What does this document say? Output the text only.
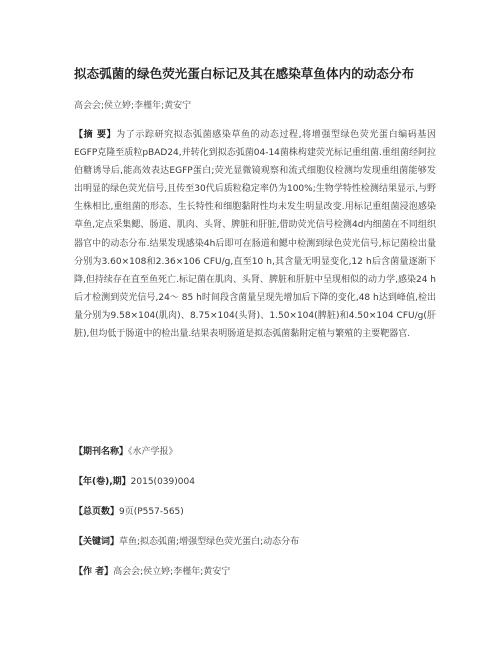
拟态弧菌的绿色荧光蛋白标记及其在感染草鱼体内的动态分布
高会会;侯立婷;李槿年;黄安宁
【摘 要】为了示踪研究拟态弧菌感染草鱼的动态过程,将增强型绿色荧光蛋白编码基因EGFP克隆至质粒pBAD24,并转化到拟态弧菌04-14菌株构建荧光标记重组菌.重组菌经阿拉伯糖诱导后,能高效表达EGFP蛋白;荧光显微镜观察和流式细胞仪检测均发现重组菌能够发出明显的绿色荧光信号,且传至30代后质粒稳定率仍为100%;生物学特性检测结果显示,与野生株相比,重组菌的形态、生长特性和细胞黏附性均未发生明显改变.用标记重组菌浸泡感染草鱼,定点采集鳃、肠道、肌肉、头肾、脾脏和肝脏,借助荧光信号检测4d内细菌在不同组织器官中的动态分布.结果发现感染4h后即可在肠道和鳃中检测到绿色荧光信号,标记菌检出量分别为3.60×108和2.36×106 CFU/g,直至10 h,其含量无明显变化,12 h后含菌量逐渐下降,但持续存在直至鱼死亡.标记菌在肌肉、头肾、脾脏和肝脏中呈现相似的动力学,感染24 h后才检测到荧光信号,24～ 85 h时间段含菌量呈现先增加后下降的变化,48 h达到峰值,检出量分别为9.58×104(肌肉)、8.75×104(头肾)、1.50×104(脾脏)和4.50×104 CFU/g(肝脏),但均低于肠道中的检出量.结果表明肠道是拟态弧菌黏附定植与繁殖的主要靶器官.
【期刊名称】《水产学报》
【年(卷),期】2015(039)004
【总页数】9页(P557-565)
【关键词】草鱼;拟态弧菌;增强型绿色荧光蛋白;动态分布
【作 者】高会会;侯立婷;李槿年;黄安宁
